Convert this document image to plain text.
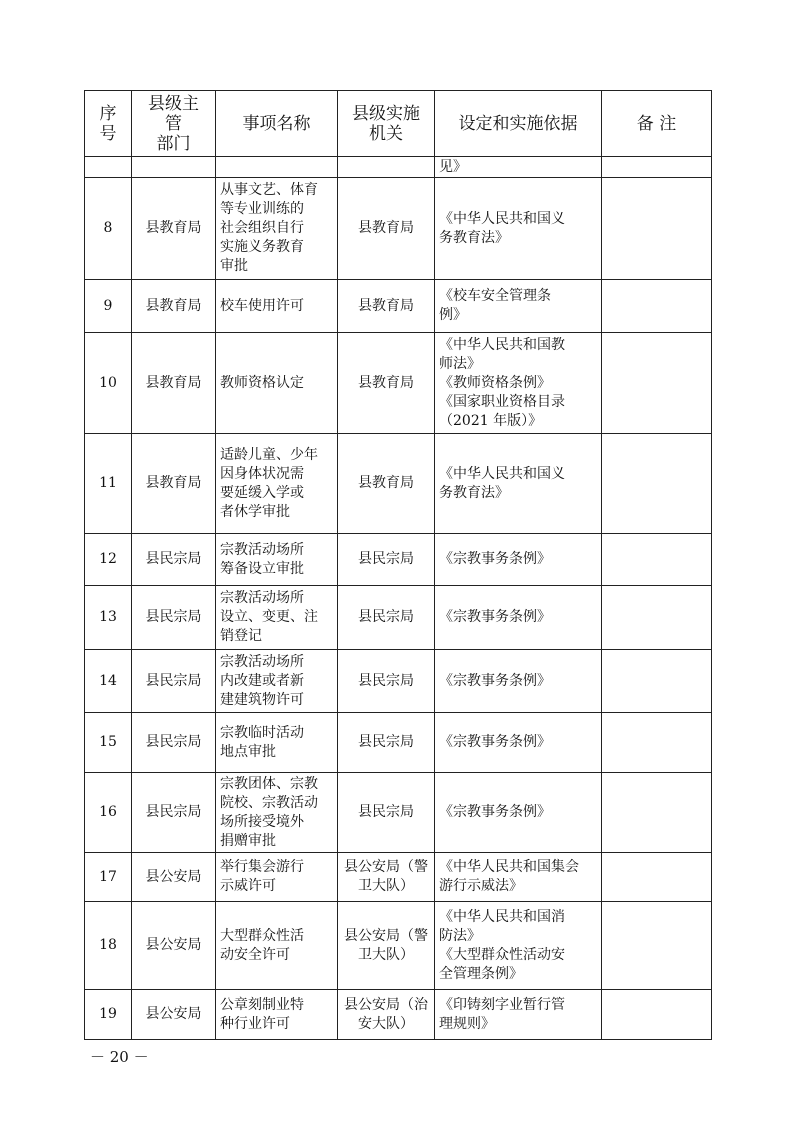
序
号	县级主
管
部门	事项名称	县级实施
机关	设定和实施依据	备 注
				见》	
8	县教育局	从事文艺、体育
等专业训练的
社会组织自行
实施义务教育
审批	县教育局	《中华人民共和国义
务教育法》	
9	县教育局	校车使用许可	县教育局	《校车安全管理条
例》	
10	县教育局	教师资格认定	县教育局	《中华人民共和国教
师法》
《教师资格条例》
《国家职业资格目录
（2021 年版）》	
11	县教育局	适龄儿童、少年
因身体状况需
要延缓入学或
者休学审批	县教育局	《中华人民共和国义
务教育法》	
12	县民宗局	宗教活动场所
筹备设立审批	县民宗局	《宗教事务条例》	
13	县民宗局	宗教活动场所
设立、变更、注
销登记	县民宗局	《宗教事务条例》	
14	县民宗局	宗教活动场所
内改建或者新
建建筑物许可	县民宗局	《宗教事务条例》	
15	县民宗局	宗教临时活动
地点审批	县民宗局	《宗教事务条例》	
16	县民宗局	宗教团体、宗教
院校、宗教活动
场所接受境外
捐赠审批	县民宗局	《宗教事务条例》	
17	县公安局	举行集会游行
示威许可	县公安局（警
卫大队）	《中华人民共和国集会
游行示威法》	
18	县公安局	大型群众性活
动安全许可	县公安局（警
卫大队）	《中华人民共和国消
防法》
《大型群众性活动安
全管理条例》	
19	县公安局	公章刻制业特
种行业许可	县公安局（治
安大队）	《印铸刻字业暂行管
理规则》	
－ 20 －
